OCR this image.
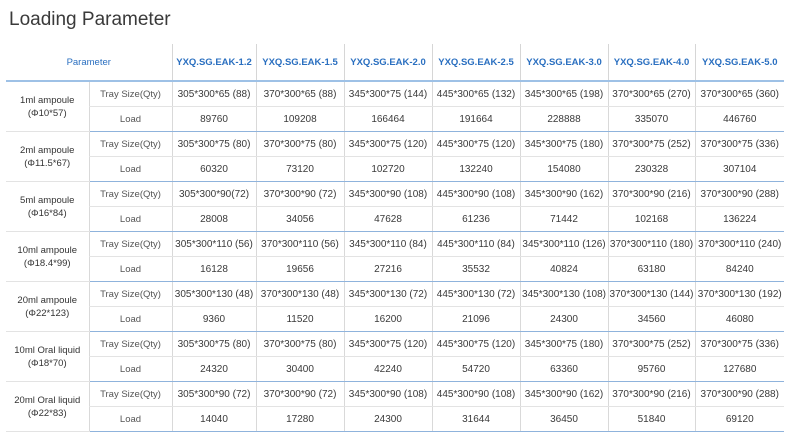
Loading Parameter
Parameter		YXQ.SG.EAK-1.2	YXQ.SG.EAK-1.5	YXQ.SG.EAK-2.0	YXQ.SG.EAK-2.5	YXQ.SG.EAK-3.0	YXQ.SG.EAK-4.0	YXQ.SG.EAK-5.0

1ml ampoule
(Φ10*57)	Tray Size(Qty)	305*300*65 (88)	370*300*65 (88)	345*300*75 (144)	445*300*65 (132)	345*300*65 (198)	370*300*65 (270)	370*300*65 (360)
	Load	89760	109208	166464	191664	228888	335070	446760

2ml ampoule
(Φ11.5*67)	Tray Size(Qty)	305*300*75 (80)	370*300*75 (80)	345*300*75 (120)	445*300*75 (120)	345*300*75 (180)	370*300*75 (252)	370*300*75 (336)
	Load	60320	73120	102720	132240	154080	230328	307104

5ml ampoule
(Φ16*84)	Tray Size(Qty)	305*300*90(72)	370*300*90 (72)	345*300*90 (108)	445*300*90 (108)	345*300*90 (162)	370*300*90 (216)	370*300*90 (288)
	Load	28008	34056	47628	61236	71442	102168	136224

10ml ampoule
(Φ18.4*99)	Tray Size(Qty)	305*300*110 (56)	370*300*110 (56)	345*300*110 (84)	445*300*110 (84)	345*300*110 (126)	370*300*110 (180)	370*300*110 (240)
	Load	16128	19656	27216	35532	40824	63180	84240

20ml ampoule
(Φ22*123)	Tray Size(Qty)	305*300*130 (48)	370*300*130 (48)	345*300*130 (72)	445*300*130 (72)	345*300*130 (108)	370*300*130 (144)	370*300*130 (192)
	Load	9360	11520	16200	21096	24300	34560	46080

10ml Oral liquid
(Φ18*70)	Tray Size(Qty)	305*300*75 (80)	370*300*75 (80)	345*300*75 (120)	445*300*75 (120)	345*300*75 (180)	370*300*75 (252)	370*300*75 (336)
	Load	24320	30400	42240	54720	63360	95760	127680

20ml Oral liquid
(Φ22*83)	Tray Size(Qty)	305*300*90 (72)	370*300*90 (72)	345*300*90 (108)	445*300*90 (108)	345*300*90 (162)	370*300*90 (216)	370*300*90 (288)
	Load	14040	17280	24300	31644	36450	51840	69120
